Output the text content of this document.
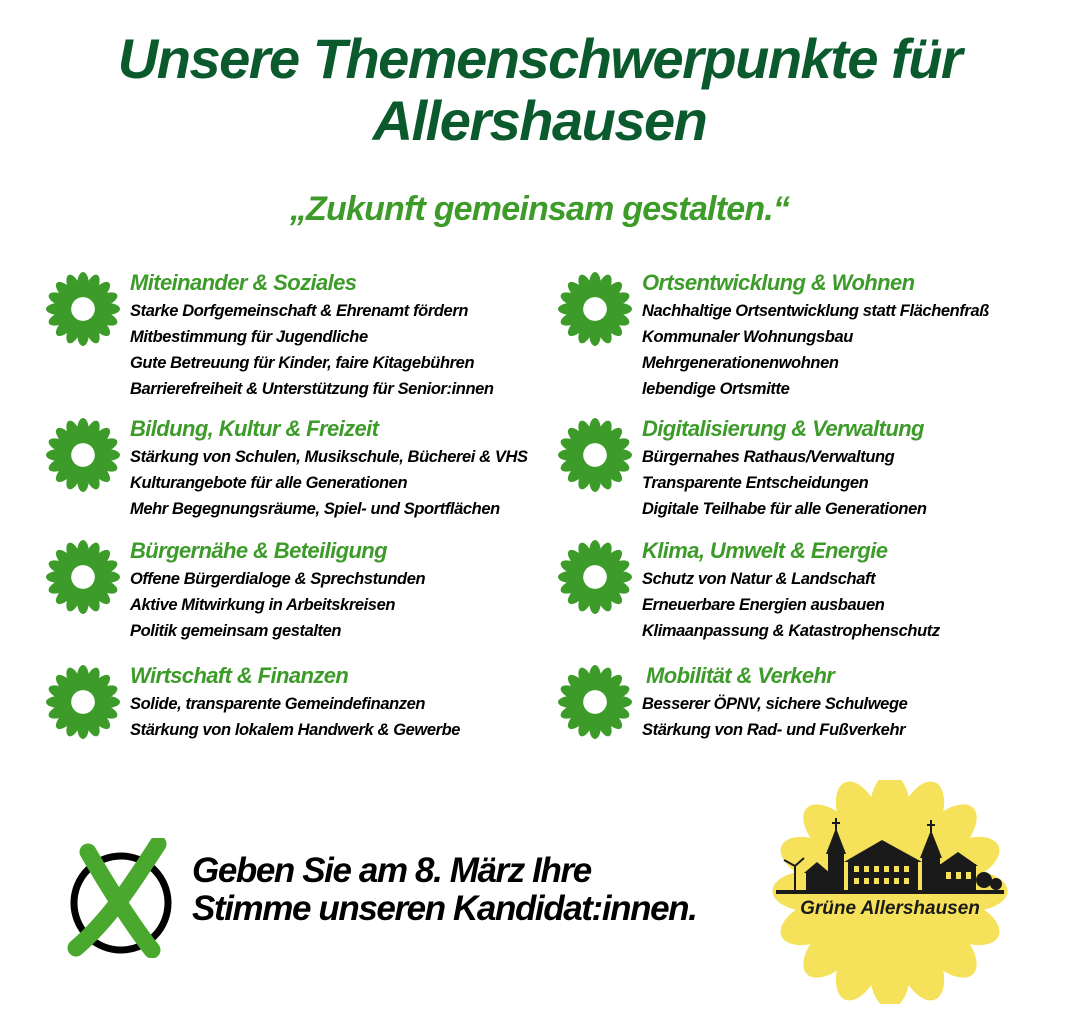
Unsere Themenschwerpunkte für
Allershausen

„Zukunft gemeinsam gestalten.“

Miteinander & Soziales
Starke Dorfgemeinschaft & Ehrenamt fördern
Mitbestimmung für Jugendliche
Gute Betreuung für Kinder, faire Kitagebühren
Barrierefreiheit & Unterstützung für Senior:innen
Bildung, Kultur & Freizeit
Stärkung von Schulen, Musikschule, Bücherei & VHS
Kulturangebote für alle Generationen
Mehr Begegnungsräume, Spiel- und Sportflächen
Bürgernähe & Beteiligung
Offene Bürgerdialoge & Sprechstunden
Aktive Mitwirkung in Arbeitskreisen
Politik gemeinsam gestalten
Wirtschaft & Finanzen
Solide, transparente Gemeindefinanzen
Stärkung von lokalem Handwerk & Gewerbe
Ortsentwicklung & Wohnen
Nachhaltige Ortsentwicklung statt Flächenfraß
Kommunaler Wohnungsbau
Mehrgenerationenwohnen
lebendige Ortsmitte
Digitalisierung & Verwaltung
Bürgernahes Rathaus/Verwaltung
Transparente Entscheidungen
Digitale Teilhabe für alle Generationen
Klima, Umwelt & Energie
Schutz von Natur & Landschaft
Erneuerbare Energien ausbauen
Klimaanpassung & Katastrophenschutz
Mobilität & Verkehr
Besserer ÖPNV, sichere Schulwege
Stärkung von Rad- und Fußverkehr
Geben Sie am 8. März Ihre
Stimme unseren Kandidat:innen.	Grüne Allershausen
